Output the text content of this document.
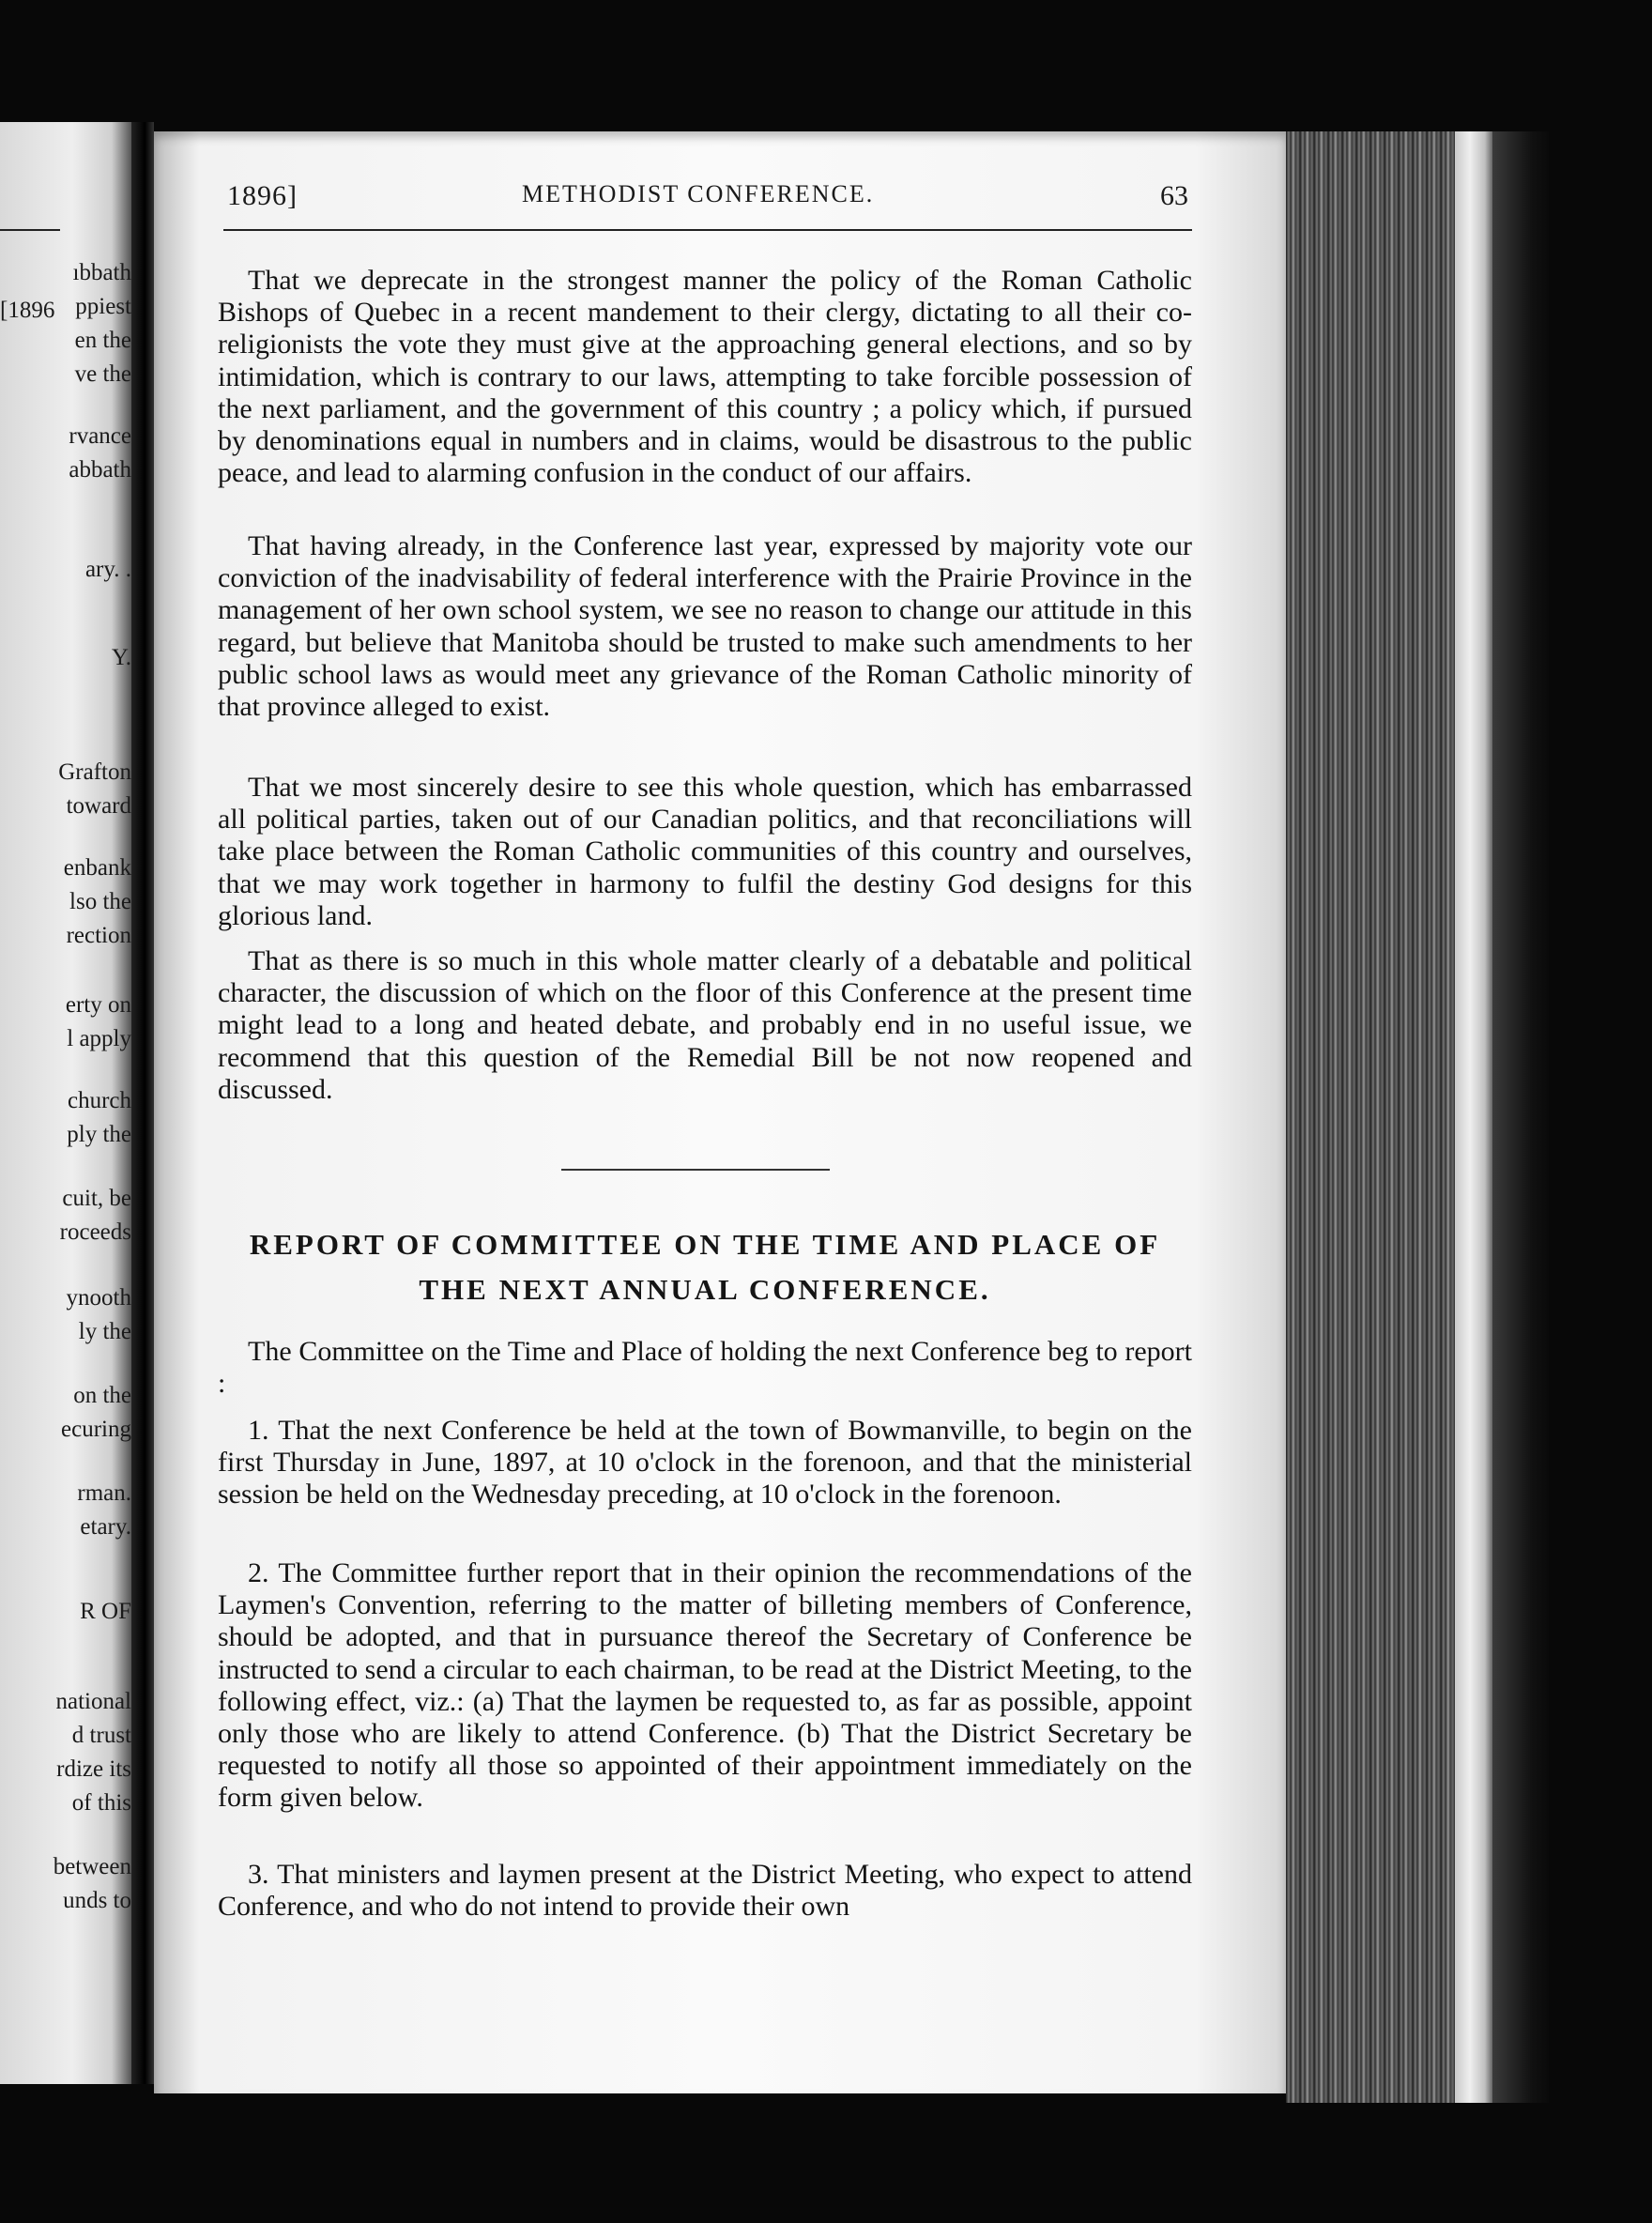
[1896
ıbbath
ppiest
en the
ve the
rvance
abbath
ary. .
Y.
Grafton
toward
enbank
lso the
rection
erty on
l apply
church
ply the
cuit, be
roceeds
ynooth
ly the
on the
ecuring
rman.
etary.
R OF
national
d trust
rdize its
of this
between
unds to
1896]	METHODIST CONFERENCE.	63

That we deprecate in the strongest manner the policy of the Roman Catholic Bishops of Quebec in a recent mandement to their clergy, dictating to all their co-religionists the vote they must give at the approaching general elections, and so by intimidation, which is contrary to our laws, attempting to take forcible possession of the next parliament, and the government of this country ; a policy which, if pursued by denominations equal in numbers and in claims, would be disastrous to the public peace, and lead to alarming confusion in the conduct of our affairs.

That having already, in the Conference last year, expressed by majority vote our conviction of the inadvisability of federal interference with the Prairie Province in the management of her own school system, we see no reason to change our attitude in this regard, but believe that Manitoba should be trusted to make such amendments to her public school laws as would meet any grievance of the Roman Catholic minority of that province alleged to exist.

That we most sincerely desire to see this whole question, which has embarrassed all political parties, taken out of our Canadian politics, and that reconciliations will take place between the Roman Catholic communities of this country and ourselves, that we may work together in harmony to fulfil the destiny God designs for this glorious land.

That as there is so much in this whole matter clearly of a debatable and political character, the discussion of which on the floor of this Conference at the present time might lead to a long and heated debate, and probably end in no useful issue, we recommend that this question of the Remedial Bill be not now reopened and discussed.

REPORT OF COMMITTEE ON THE TIME AND PLACE OF
THE NEXT ANNUAL CONFERENCE.

The Committee on the Time and Place of holding the next Conference beg to report :

1. That the next Conference be held at the town of Bowmanville, to begin on the first Thursday in June, 1897, at 10 o'clock in the forenoon, and that the ministerial session be held on the Wednesday preceding, at 10 o'clock in the forenoon.

2. The Committee further report that in their opinion the recommendations of the Laymen's Convention, referring to the matter of billeting members of Conference, should be adopted, and that in pursuance thereof the Secretary of Conference be instructed to send a circular to each chairman, to be read at the District Meeting, to the following effect, viz.: (a) That the laymen be requested to, as far as possible, appoint only those who are likely to attend Conference. (b) That the District Secretary be requested to notify all those so appointed of their appointment immediately on the form given below.

3. That ministers and laymen present at the District Meeting, who expect to attend Conference, and who do not intend to provide their own
